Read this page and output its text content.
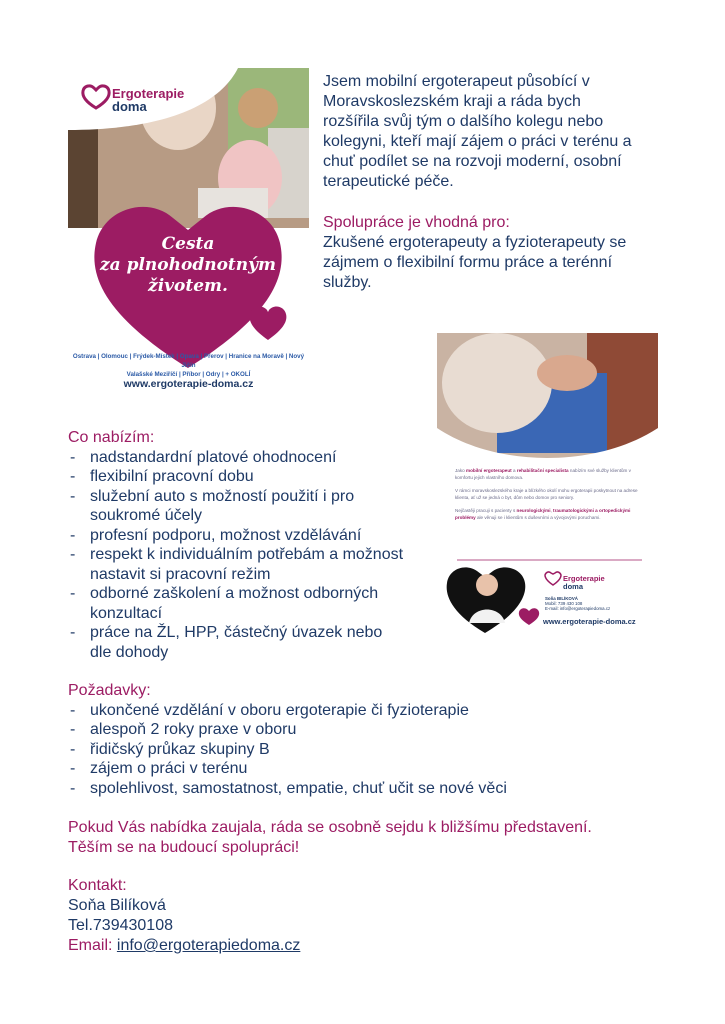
Jsem mobilní ergoterapeut působící v
Moravskoslezském kraji a ráda bych
rozšířila svůj tým o dalšího kolegu nebo
kolegyni, kteří mají zájem o práci v terénu a
chuť podílet se na rozvoji moderní, osobní
terapeutické péče.
Spolupráce je vhodná pro:
Zkušené ergoterapeuty a fyzioterapeuty se
zájmem o flexibilní formu práce a terénní
služby.
Ergoterapie
doma
Cesta
za plnohodnotným
životem.
Ostrava | Olomouc | Frýdek-Místek | Opava | Přerov | Hranice na Moravě | Nový Jičín
Valašské Meziříčí | Příbor | Odry | + OKOLÍ
www.ergoterapie-doma.cz

Jako mobilní ergoterapeut a rehabilitační specialista nabízím své služby klientům v komfortu jejich vlastního domova.

V rámci moravskoslezského kraje a blízkého okolí mohu ergoterapii poskytnout na adrese klienta, ať už se jedná o byt, dům nebo domov pro seniory.

Nejčastěji pracuji s pacienty s neurologickými, traumatologickými a ortopedickými problémy ale věnuji se i klientům s duševními a vývojovými poruchami.

Ergoterapie
doma
Soňa BILÍKOVÁ
Mobil: 739 430 108
E-mail: info@ergoterapiedoma.cz
www.ergoterapie-doma.cz
Co nabízím:
- nadstandardní platové ohodnocení
- flexibilní pracovní dobu
- služební auto s možností použití i pro
soukromé účely
- profesní podporu, možnost vzdělávání
- respekt k individuálním potřebám a možnost
nastavit si pracovní režim
- odborné zaškolení a možnost odborných
konzultací
- práce na ŽL, HPP, částečný úvazek nebo
dle dohody
Požadavky:
- ukončené vzdělání v oboru ergoterapie či fyzioterapie
- alespoň 2 roky praxe v oboru
- řidičský průkaz skupiny B
- zájem o práci v terénu
- spolehlivost, samostatnost, empatie, chuť učit se nové věci
Pokud Vás nabídka zaujala, ráda se osobně sejdu k bližšímu představení.
Těším se na budoucí spolupráci!
Kontakt:
Soňa Bilíková
Tel.739430108
Email: info@ergoterapiedoma.cz
